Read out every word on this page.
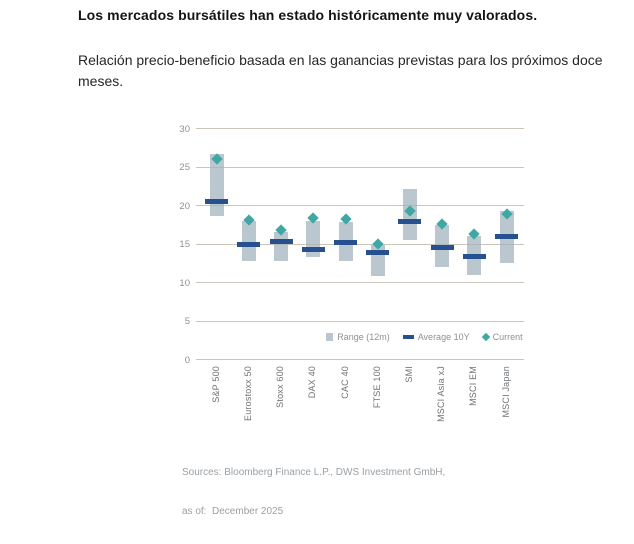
Los mercados bursátiles han estado históricamente muy valorados.
Relación precio-beneficio basada en las ganancias previstas para los próximos doce
meses.
0
5
10
15
20
25
30
S&P 500 Eurostoxx 50 Stoxx 600 DAX 40 CAC 40 FTSE 100 SMI MSCI Asia xJ MSCI EM MSCI Japan
Range (12m)	Average 10Y	Current

Sources: Bloomberg Finance L.P., DWS Investment GmbH,

as of:  December 2025
